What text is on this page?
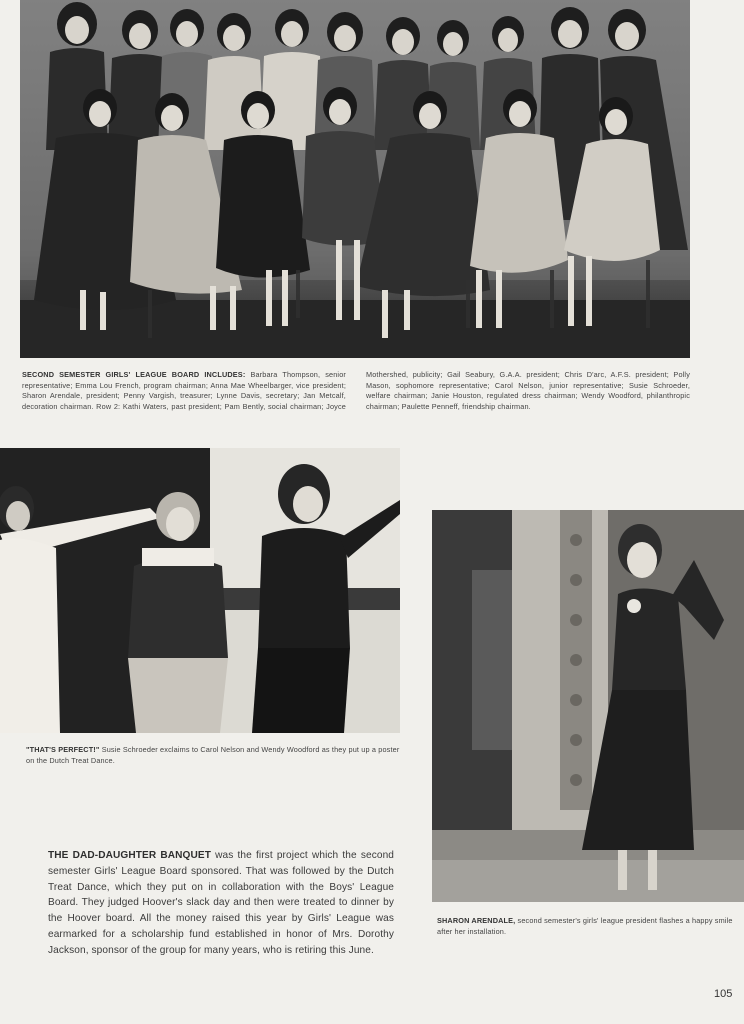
SECOND SEMESTER GIRLS' LEAGUE BOARD INCLUDES: Barbara Thompson, senior representative; Emma Lou French, program chairman; Anna Mae Wheelbarger, vice president; Sharon Arendale, president; Penny Vargish, treasurer; Lynne Davis, secretary; Jan Metcalf, decoration chairman. Row 2: Kathi Waters, past president; Pam Bently, social chairman; Joyce Mothershed, publicity; Gail Seabury, G.A.A. president; Chris D'arc, A.F.S. president; Polly Mason, sophomore representative; Carol Nelson, junior representative; Susie Schroeder, welfare chairman; Janie Houston, regulated dress chairman; Wendy Woodford, philanthropic chairman; Paulette Penneff, friendship chairman.
"THAT'S PERFECT!" Susie Schroeder exclaims to Carol Nelson and Wendy Woodford as they put up a poster on the Dutch Treat Dance.
SHARON ARENDALE, second semester's girls' league president flashes a happy smile after her installation.
THE DAD-DAUGHTER BANQUET was the first project which the second semester Girls' League Board sponsored. That was followed by the Dutch Treat Dance, which they put on in collaboration with the Boys' League Board. They judged Hoover's slack day and then were treated to dinner by the Hoover board. All the money raised this year by Girls' League was earmarked for a scholarship fund established in honor of Mrs. Dorothy Jackson, sponsor of the group for many years, who is retiring this June.
105
